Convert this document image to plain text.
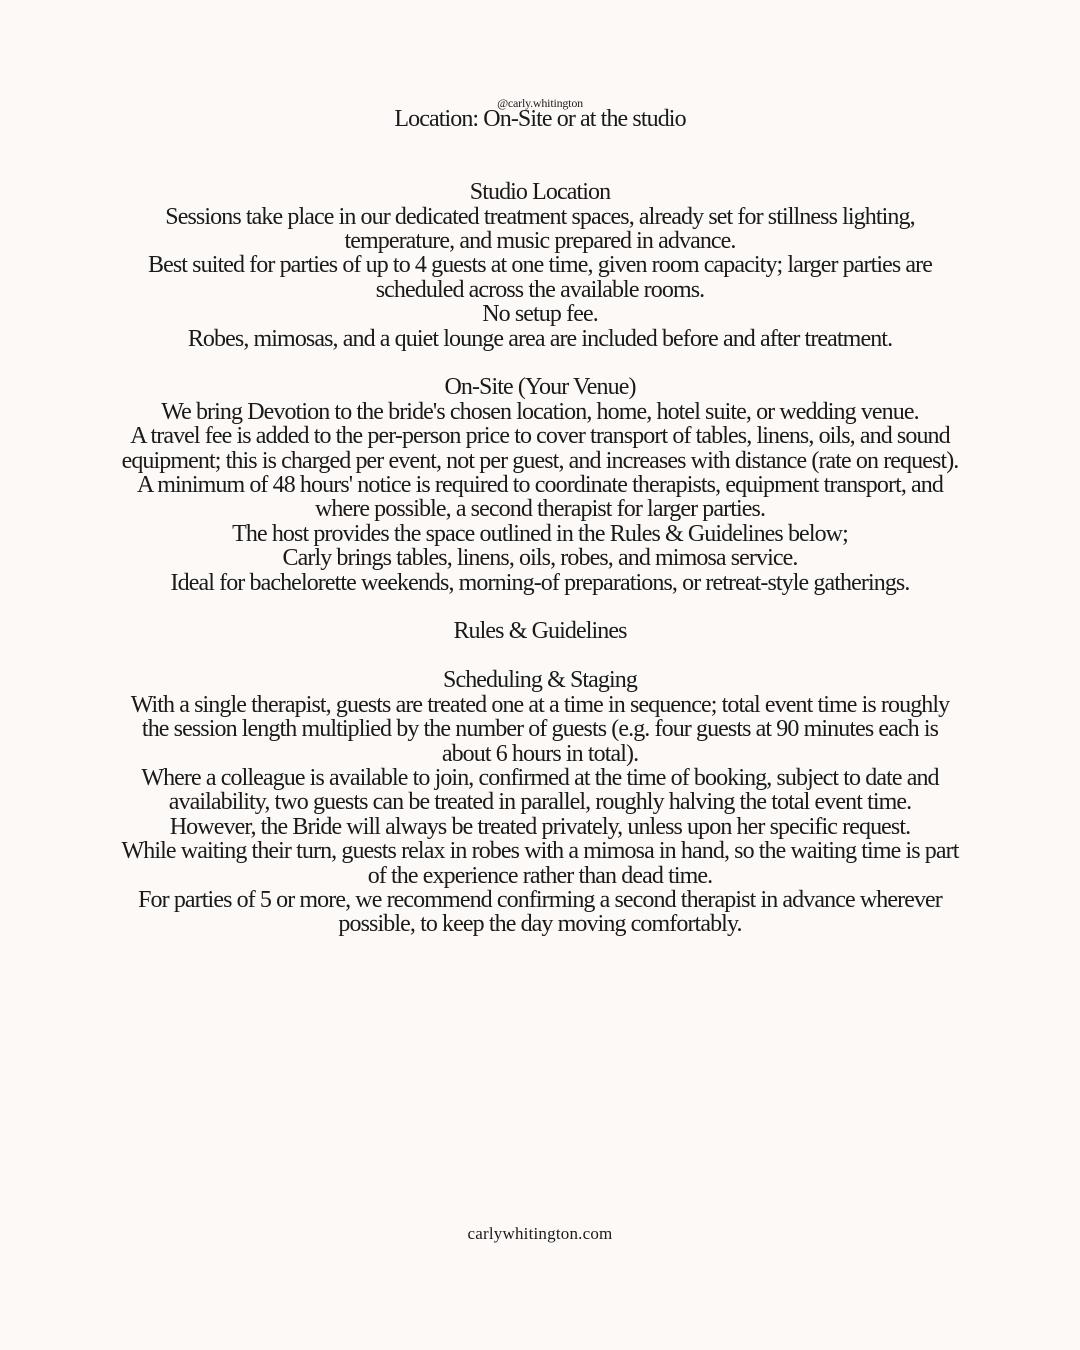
@carly.whitington

Location: On-Site or at the studio

Studio Location

Sessions take place in our dedicated treatment spaces, already set for stillness lighting, temperature, and music prepared in advance.

Best suited for parties of up to 4 guests at one time, given room capacity; larger parties are scheduled across the available rooms.

No setup fee.

Robes, mimosas, and a quiet lounge area are included before and after treatment.

On-Site (Your Venue)

We bring Devotion to the bride's chosen location, home, hotel suite, or wedding venue.

A travel fee is added to the per-person price to cover transport of tables, linens, oils, and sound equipment; this is charged per event, not per guest, and increases with distance (rate on request).

A minimum of 48 hours' notice is required to coordinate therapists, equipment transport, and where possible, a second therapist for larger parties.

The host provides the space outlined in the Rules & Guidelines below;

Carly brings tables, linens, oils, robes, and mimosa service.

Ideal for bachelorette weekends, morning-of preparations, or retreat-style gatherings.

Rules & Guidelines

Scheduling & Staging

With a single therapist, guests are treated one at a time in sequence; total event time is roughly the session length multiplied by the number of guests (e.g. four guests at 90 minutes each is about 6 hours in total).

Where a colleague is available to join, confirmed at the time of booking, subject to date and availability, two guests can be treated in parallel, roughly halving the total event time.

However, the Bride will always be treated privately, unless upon her specific request.

While waiting their turn, guests relax in robes with a mimosa in hand, so the waiting time is part of the experience rather than dead time.

For parties of 5 or more, we recommend confirming a second therapist in advance wherever possible, to keep the day moving comfortably.

carlywhitington.com
